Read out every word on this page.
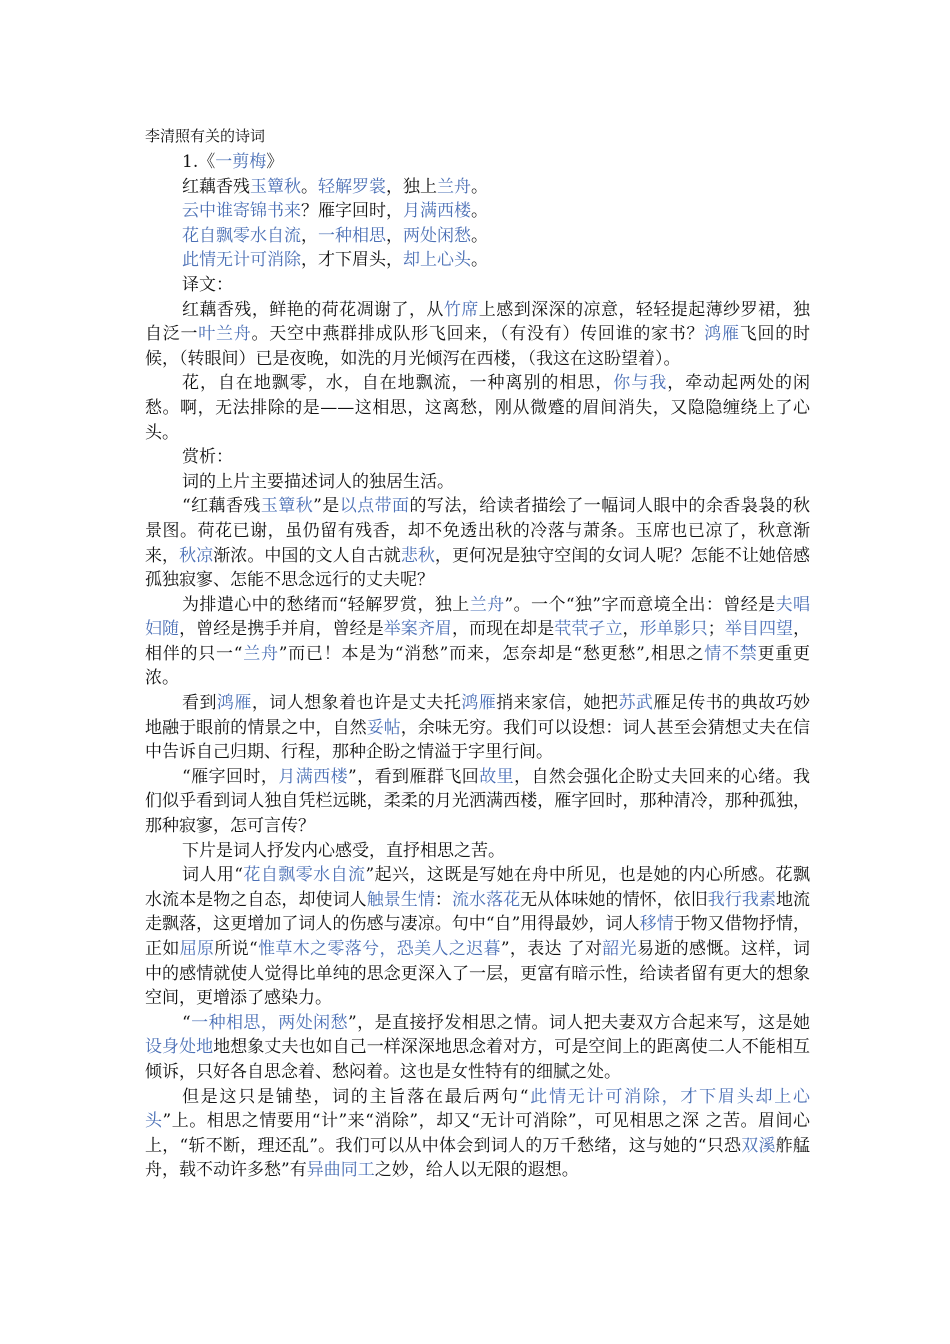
李清照有关的诗词

1.《一剪梅》

红藕香残玉簟秋。轻解罗裳，独上兰舟。

云中谁寄锦书来？雁字回时，月满西楼。

花自飘零水自流，一种相思，两处闲愁。

此情无计可消除，才下眉头，却上心头。

译文：

红藕香残，鲜艳的荷花凋谢了，从竹席上感到深深的凉意，轻轻提起薄纱罗裙，独自泛一叶兰舟。天空中燕群排成队形飞回来，（有没有）传回谁的家书？鸿雁飞回的时候，（转眼间）已是夜晚，如洗的月光倾泻在西楼，（我这在这盼望着）。

花，自在地飘零，水，自在地飘流，一种离别的相思，你与我，牵动起两处的闲愁。啊，无法排除的是——这相思，这离愁，刚从微蹙的眉间消失，又隐隐缠绕上了心头。

赏析：

词的上片主要描述词人的独居生活。

“红藕香残玉簟秋”是以点带面的写法，给读者描绘了一幅词人眼中的余香袅袅的秋景图。荷花已谢，虽仍留有残香，却不免透出秋的冷落与萧条。玉席也已凉了，秋意渐来，秋凉渐浓。中国的文人自古就悲秋，更何况是独守空闺的女词人呢？怎能不让她倍感孤独寂寥、怎能不思念远行的丈夫呢？

为排遣心中的愁绪而“轻解罗赏，独上兰舟”。一个“独”字而意境全出：曾经是夫唱妇随，曾经是携手并肩，曾经是举案齐眉，而现在却是茕茕孑立，形单影只；举目四望，相伴的只一“兰舟”而已！本是为“消愁”而来，怎奈却是“愁更愁”,相思之情不禁更重更浓。

看到鸿雁，词人想象着也许是丈夫托鸿雁捎来家信，她把苏武雁足传书的典故巧妙地融于眼前的情景之中，自然妥帖，余味无穷。我们可以设想：词人甚至会猜想丈夫在信中告诉自己归期、行程，那种企盼之情溢于字里行间。

“雁字回时，月满西楼”，看到雁群飞回故里，自然会强化企盼丈夫回来的心绪。我们似乎看到词人独自凭栏远眺，柔柔的月光洒满西楼，雁字回时，那种清冷，那种孤独，那种寂寥，怎可言传？

下片是词人抒发内心感受，直抒相思之苦。

词人用“花自飘零水自流”起兴，这既是写她在舟中所见，也是她的内心所感。花飘水流本是物之自态，却使词人触景生情：流水落花无从体味她的情怀，依旧我行我素地流走飘落，这更增加了词人的伤感与凄凉。句中“自”用得最妙，词人移情于物又借物抒情，正如屈原所说“惟草木之零落兮，恐美人之迟暮”，表达 了对韶光易逝的感慨。这样，词中的感情就使人觉得比单纯的思念更深入了一层，更富有暗示性，给读者留有更大的想象空间，更增添了感染力。

“一种相思，两处闲愁”，是直接抒发相思之情。词人把夫妻双方合起来写，这是她设身处地地想象丈夫也如自己一样深深地思念着对方，可是空间上的距离使二人不能相互倾诉，只好各自思念着、愁闷着。这也是女性特有的细腻之处。

但是这只是铺垫，词的主旨落在最后两句“此情无计可消除，才下眉头却上心头”上。相思之情要用“计”来“消除”，却又“无计可消除”，可见相思之深 之苦。眉间心上，“斩不断，理还乱”。我们可以从中体会到词人的万千愁绪，这与她的“只恐双溪舴艋舟，载不动许多愁”有异曲同工之妙，给人以无限的遐想。
